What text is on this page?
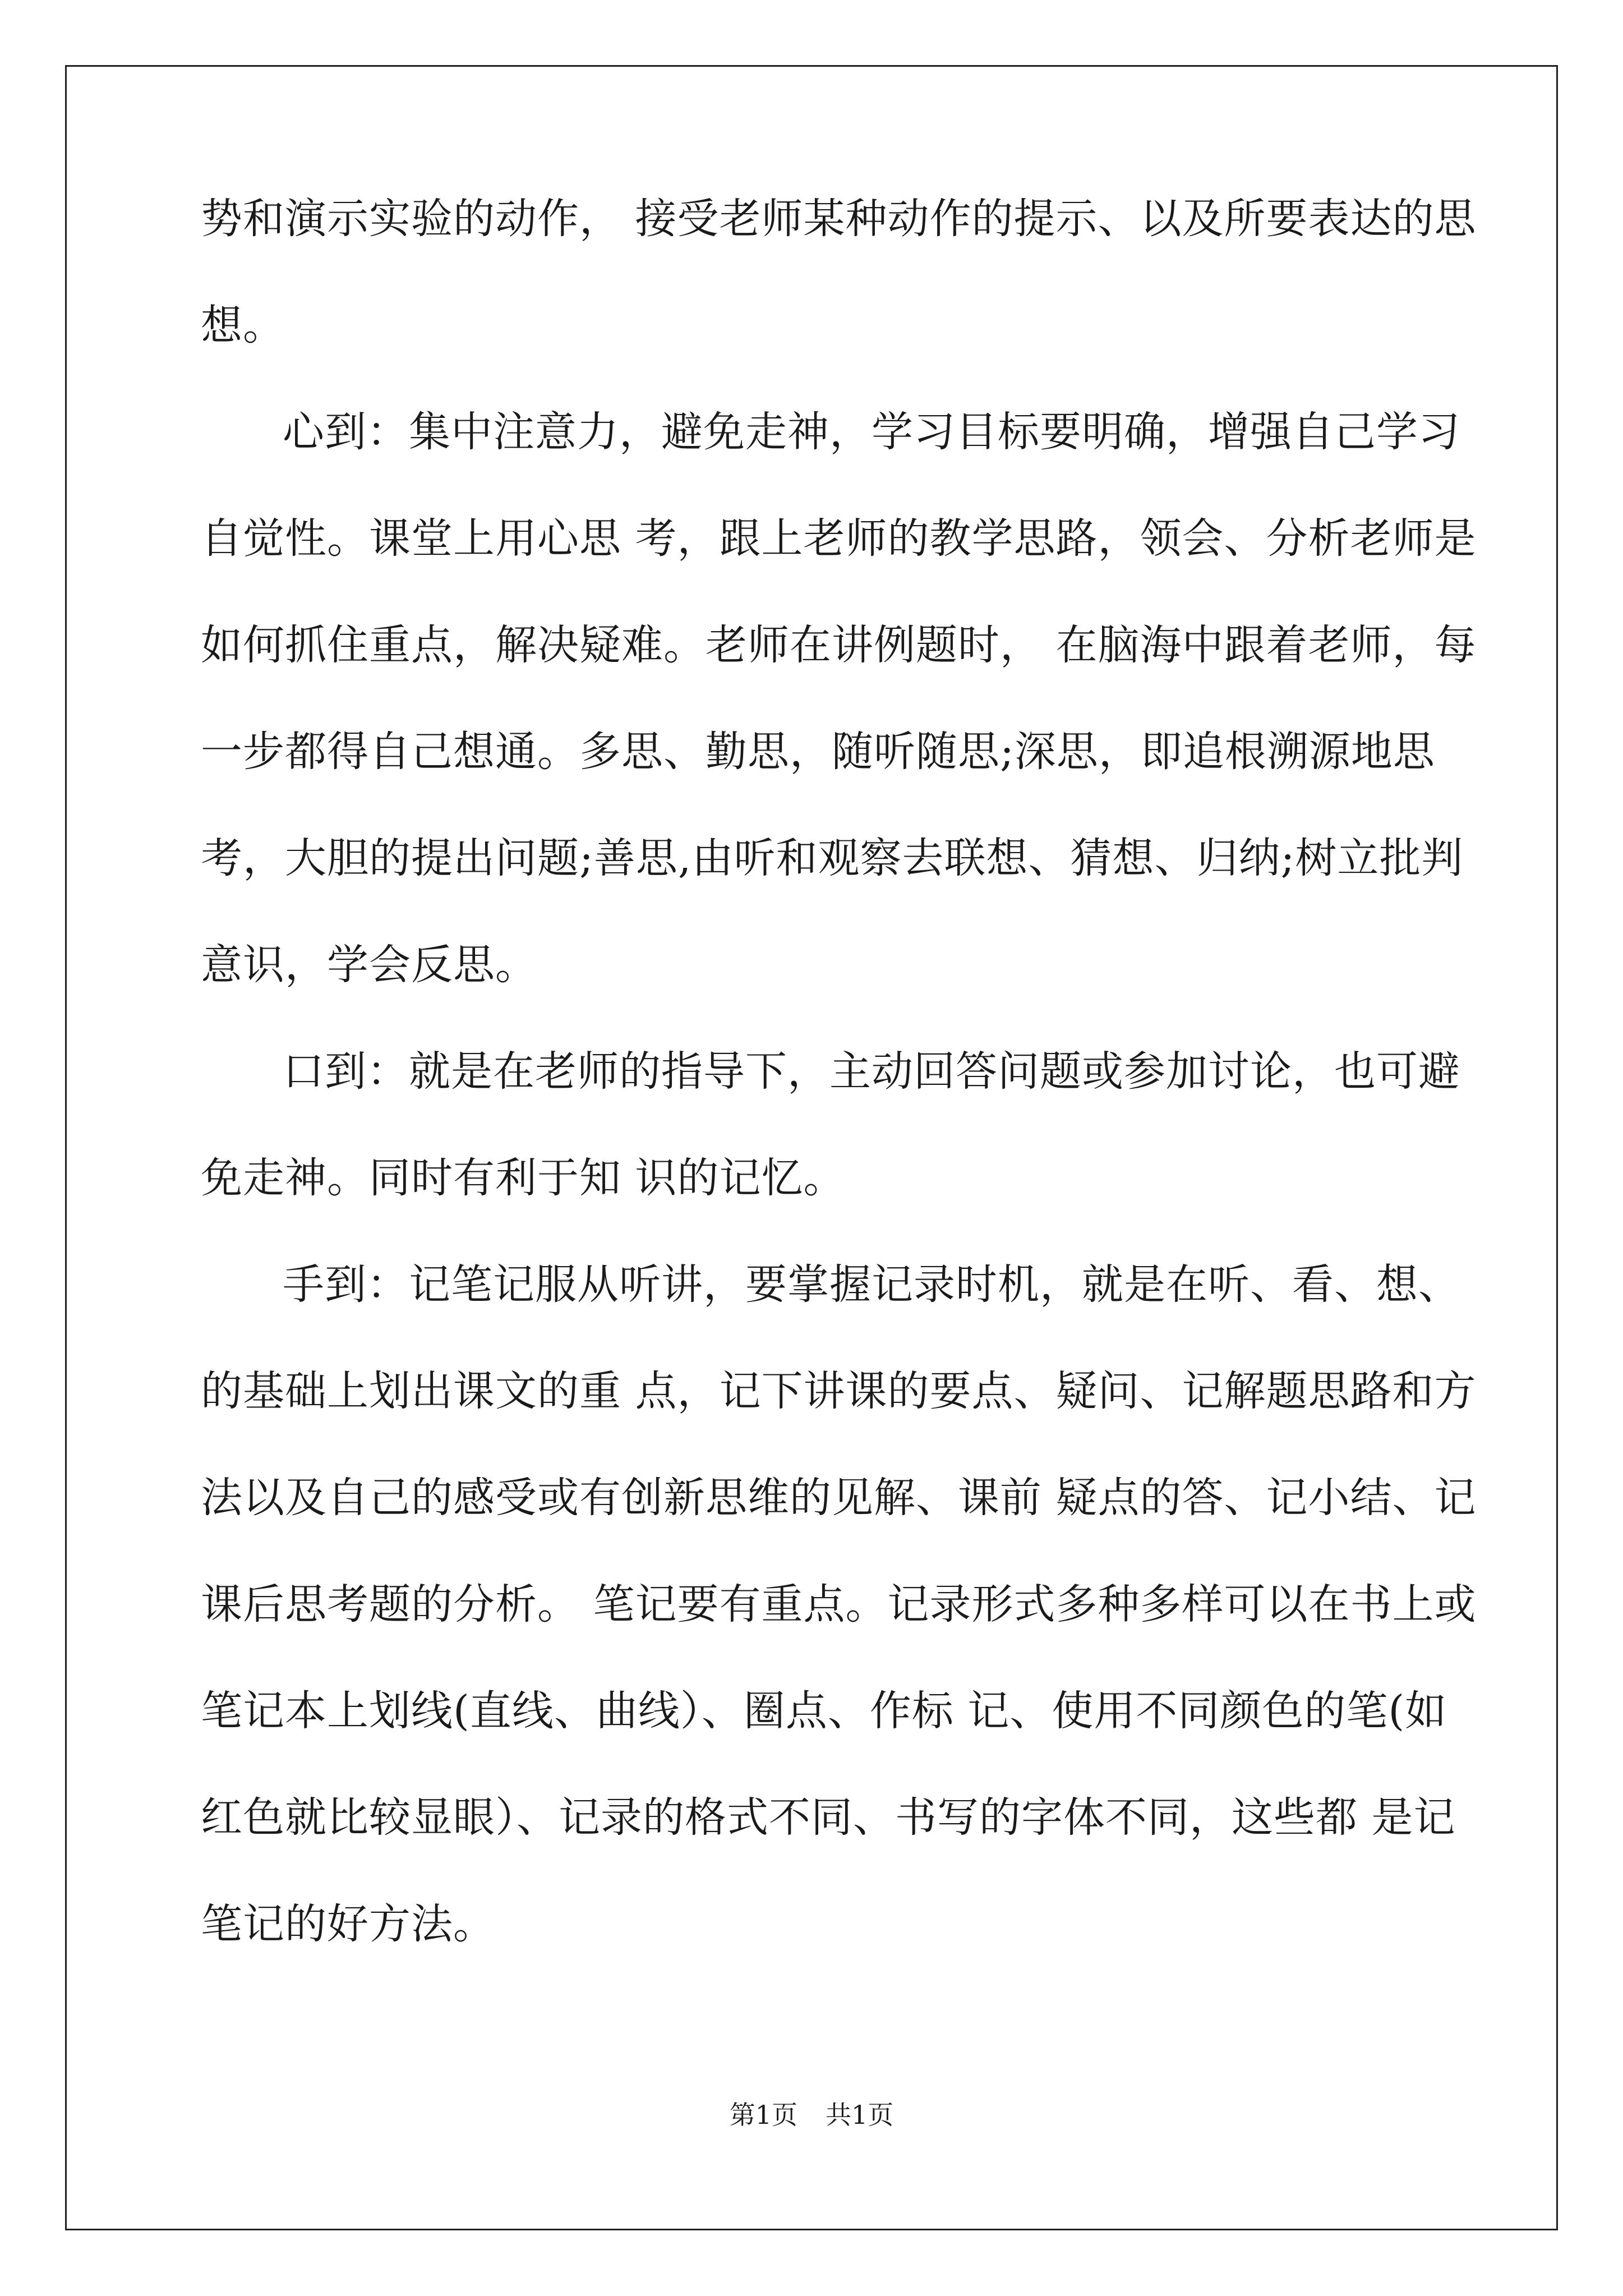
势和演示实验的动作， 接受老师某种动作的提示、以及所要表达的思
想。
心到：集中注意力，避免走神，学习目标要明确，增强自己学习
自觉性。课堂上用心思 考，跟上老师的教学思路，领会、分析老师是
如何抓住重点，解决疑难。老师在讲例题时， 在脑海中跟着老师，每
一步都得自己想通。多思、勤思，随听随思;深思，即追根溯源地思
考，大胆的提出问题;善思,由听和观察去联想、猜想、归纳;树立批判
意识，学会反思。
口到：就是在老师的指导下，主动回答问题或参加讨论，也可避
免走神。同时有利于知 识的记忆。
手到：记笔记服从听讲，要掌握记录时机，就是在听、看、想、
的基础上划出课文的重 点，记下讲课的要点、疑问、记解题思路和方
法以及自己的感受或有创新思维的见解、课前 疑点的答、记小结、记
课后思考题的分析。 笔记要有重点。记录形式多种多样可以在书上或
笔记本上划线(直线、曲线）、圈点、作标 记、使用不同颜色的笔(如
红色就比较显眼）、记录的格式不同、书写的字体不同，这些都 是记
笔记的好方法。
第1页 共1页
